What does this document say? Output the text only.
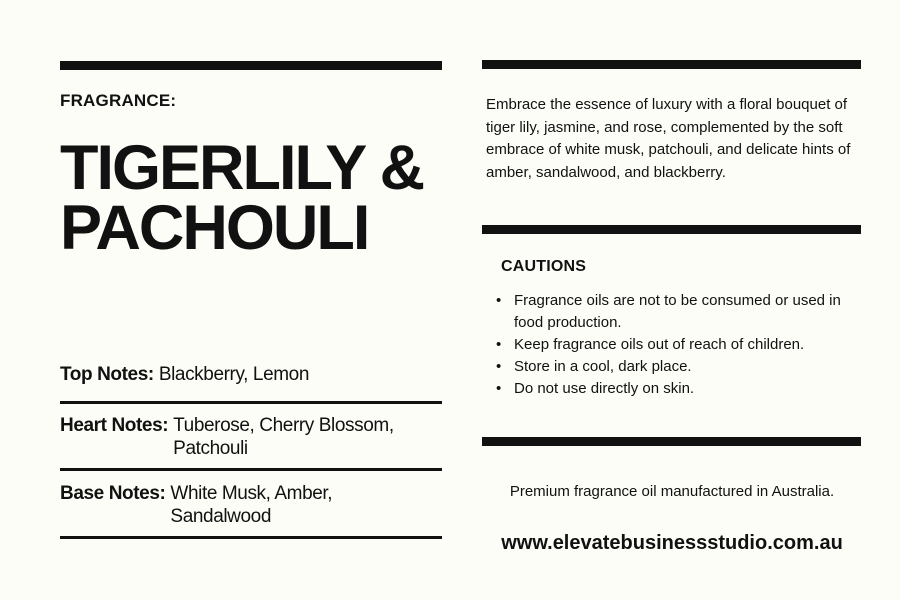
FRAGRANCE:
TIGERLILY &
PACHOULI
Top Notes: Blackberry, Lemon
Heart Notes: Tuberose, Cherry Blossom, Patchouli
Base Notes: White Musk, Amber, Sandalwood

Embrace the essence of luxury with a floral bouquet of tiger lily, jasmine, and rose, complemented by the soft embrace of white musk, patchouli, and delicate hints of amber, sandalwood, and blackberry.

CAUTIONS
• Fragrance oils are not to be consumed or used in food production.
• Keep fragrance oils out of reach of children.
• Store in a cool, dark place.
• Do not use directly on skin.

Premium fragrance oil manufactured in Australia.

www.elevatebusinessstudio.com.au
